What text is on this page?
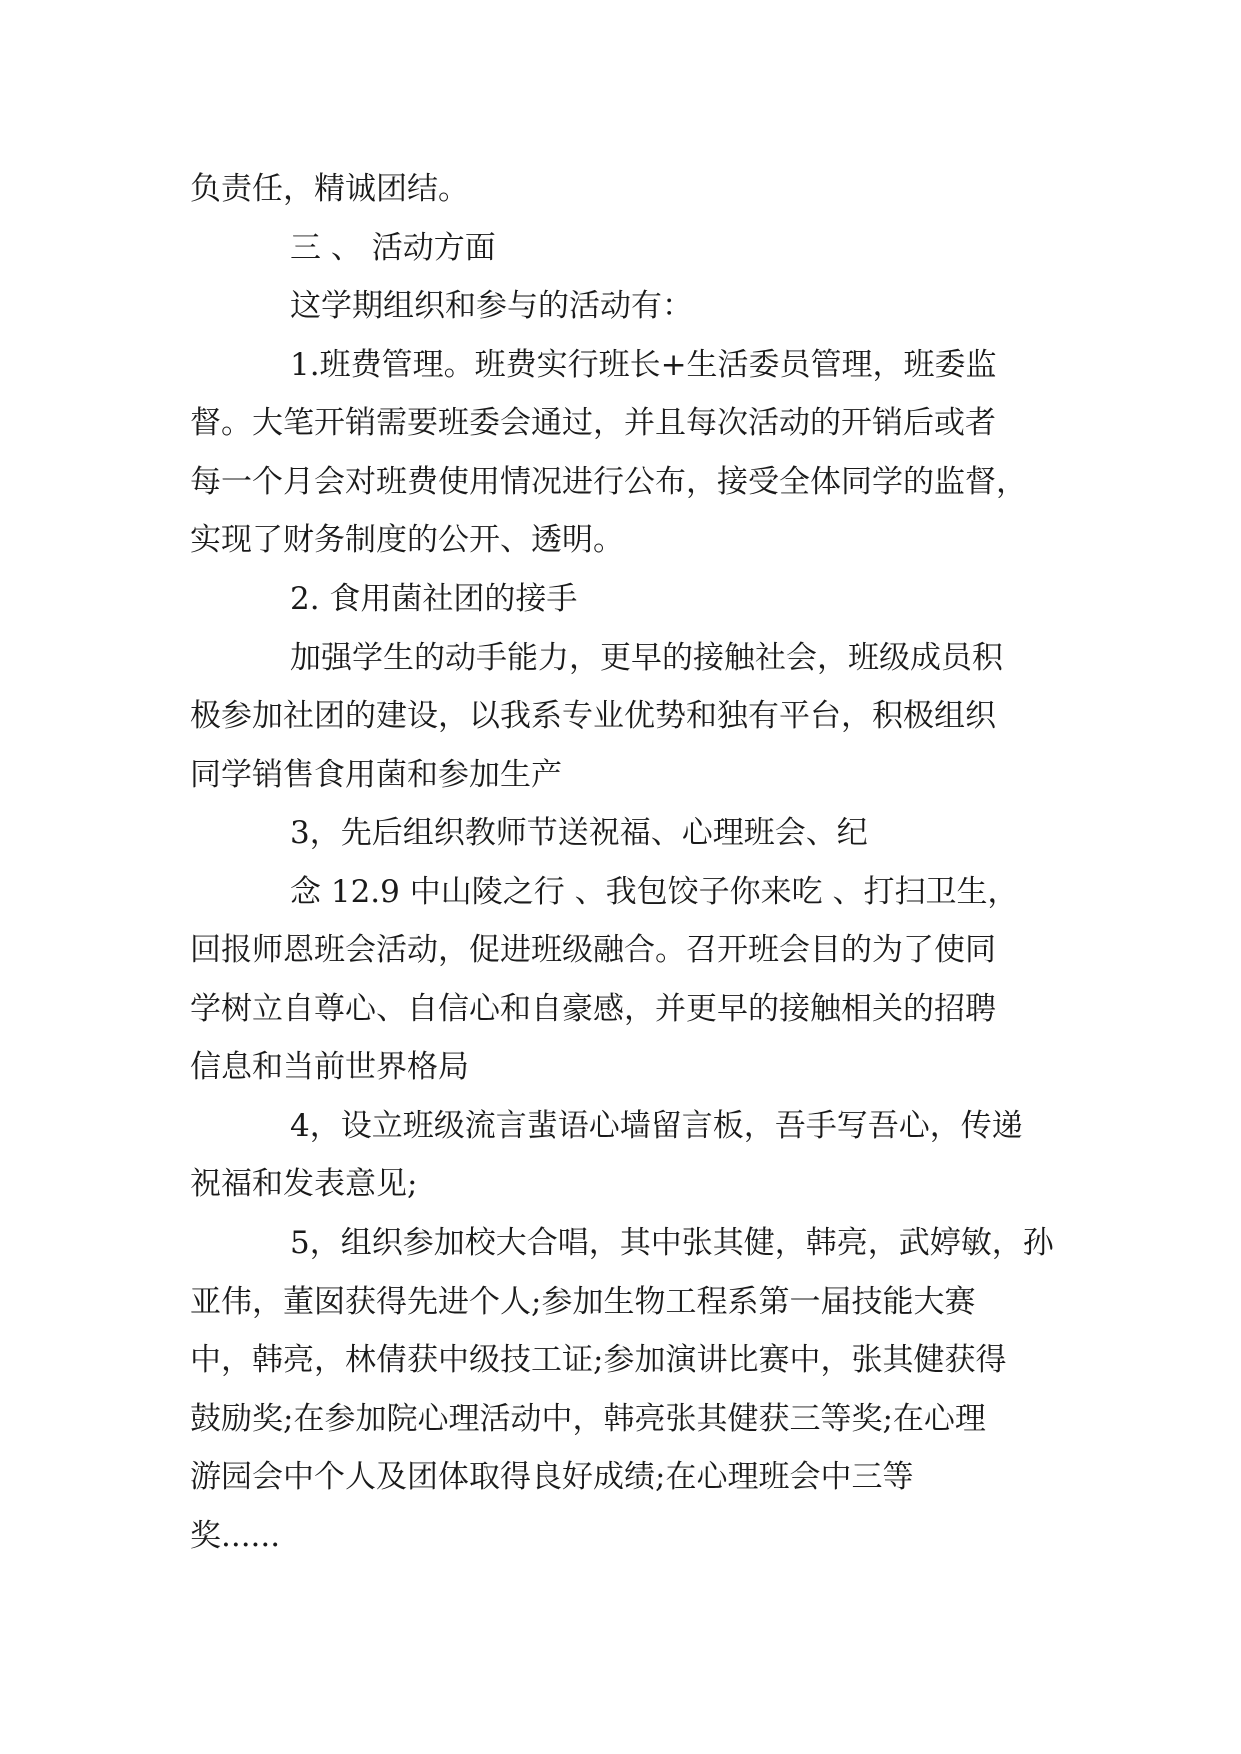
负责任，精诚团结。
三 、 活动方面
这学期组织和参与的活动有：
1.班费管理。班费实行班长+生活委员管理，班委监
督。大笔开销需要班委会通过，并且每次活动的开销后或者
每一个月会对班费使用情况进行公布，接受全体同学的监督，
实现了财务制度的公开、透明。
2. 食用菌社团的接手
加强学生的动手能力，更早的接触社会，班级成员积
极参加社团的建设，以我系专业优势和独有平台，积极组织
同学销售食用菌和参加生产
3，先后组织教师节送祝福、心理班会、纪
念 12.9 中山陵之行 、我包饺子你来吃 、打扫卫生，
回报师恩班会活动，促进班级融合。召开班会目的为了使同
学树立自尊心、自信心和自豪感，并更早的接触相关的招聘
信息和当前世界格局
4，设立班级流言蜚语心墙留言板，吾手写吾心，传递
祝福和发表意见;
5，组织参加校大合唱，其中张其健，韩亮，武婷敏，孙
亚伟，董囡获得先进个人;参加生物工程系第一届技能大赛
中，韩亮，林倩获中级技工证;参加演讲比赛中，张其健获得
鼓励奖;在参加院心理活动中，韩亮张其健获三等奖;在心理
游园会中个人及团体取得良好成绩;在心理班会中三等
奖......
